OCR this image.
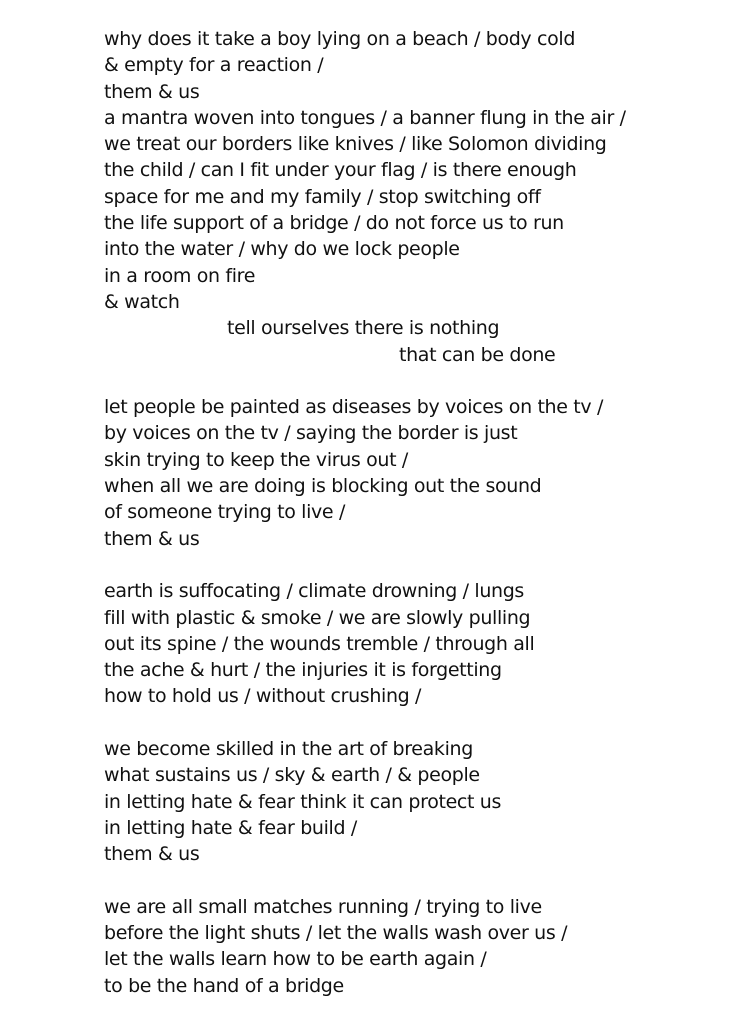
why does it take a boy lying on a beach / body cold
& empty for a reaction /
them & us
a mantra woven into tongues / a banner flung in the air /
we treat our borders like knives / like Solomon dividing
the child / can I fit under your flag / is there enough
space for me and my family / stop switching off
the life support of a bridge / do not force us to run
into the water / why do we lock people
in a room on fire
& watch
tell ourselves there is nothing
that can be done
let people be painted as diseases by voices on the tv /
by voices on the tv / saying the border is just
skin trying to keep the virus out /
when all we are doing is blocking out the sound
of someone trying to live /
them & us
earth is suffocating / climate drowning / lungs
fill with plastic & smoke / we are slowly pulling
out its spine / the wounds tremble / through all
the ache & hurt / the injuries it is forgetting
how to hold us / without crushing /
we become skilled in the art of breaking
what sustains us / sky & earth / & people
in letting hate & fear think it can protect us
in letting hate & fear build /
them & us
we are all small matches running / trying to live
before the light shuts / let the walls wash over us /
let the walls learn how to be earth again /
to be the hand of a bridge
